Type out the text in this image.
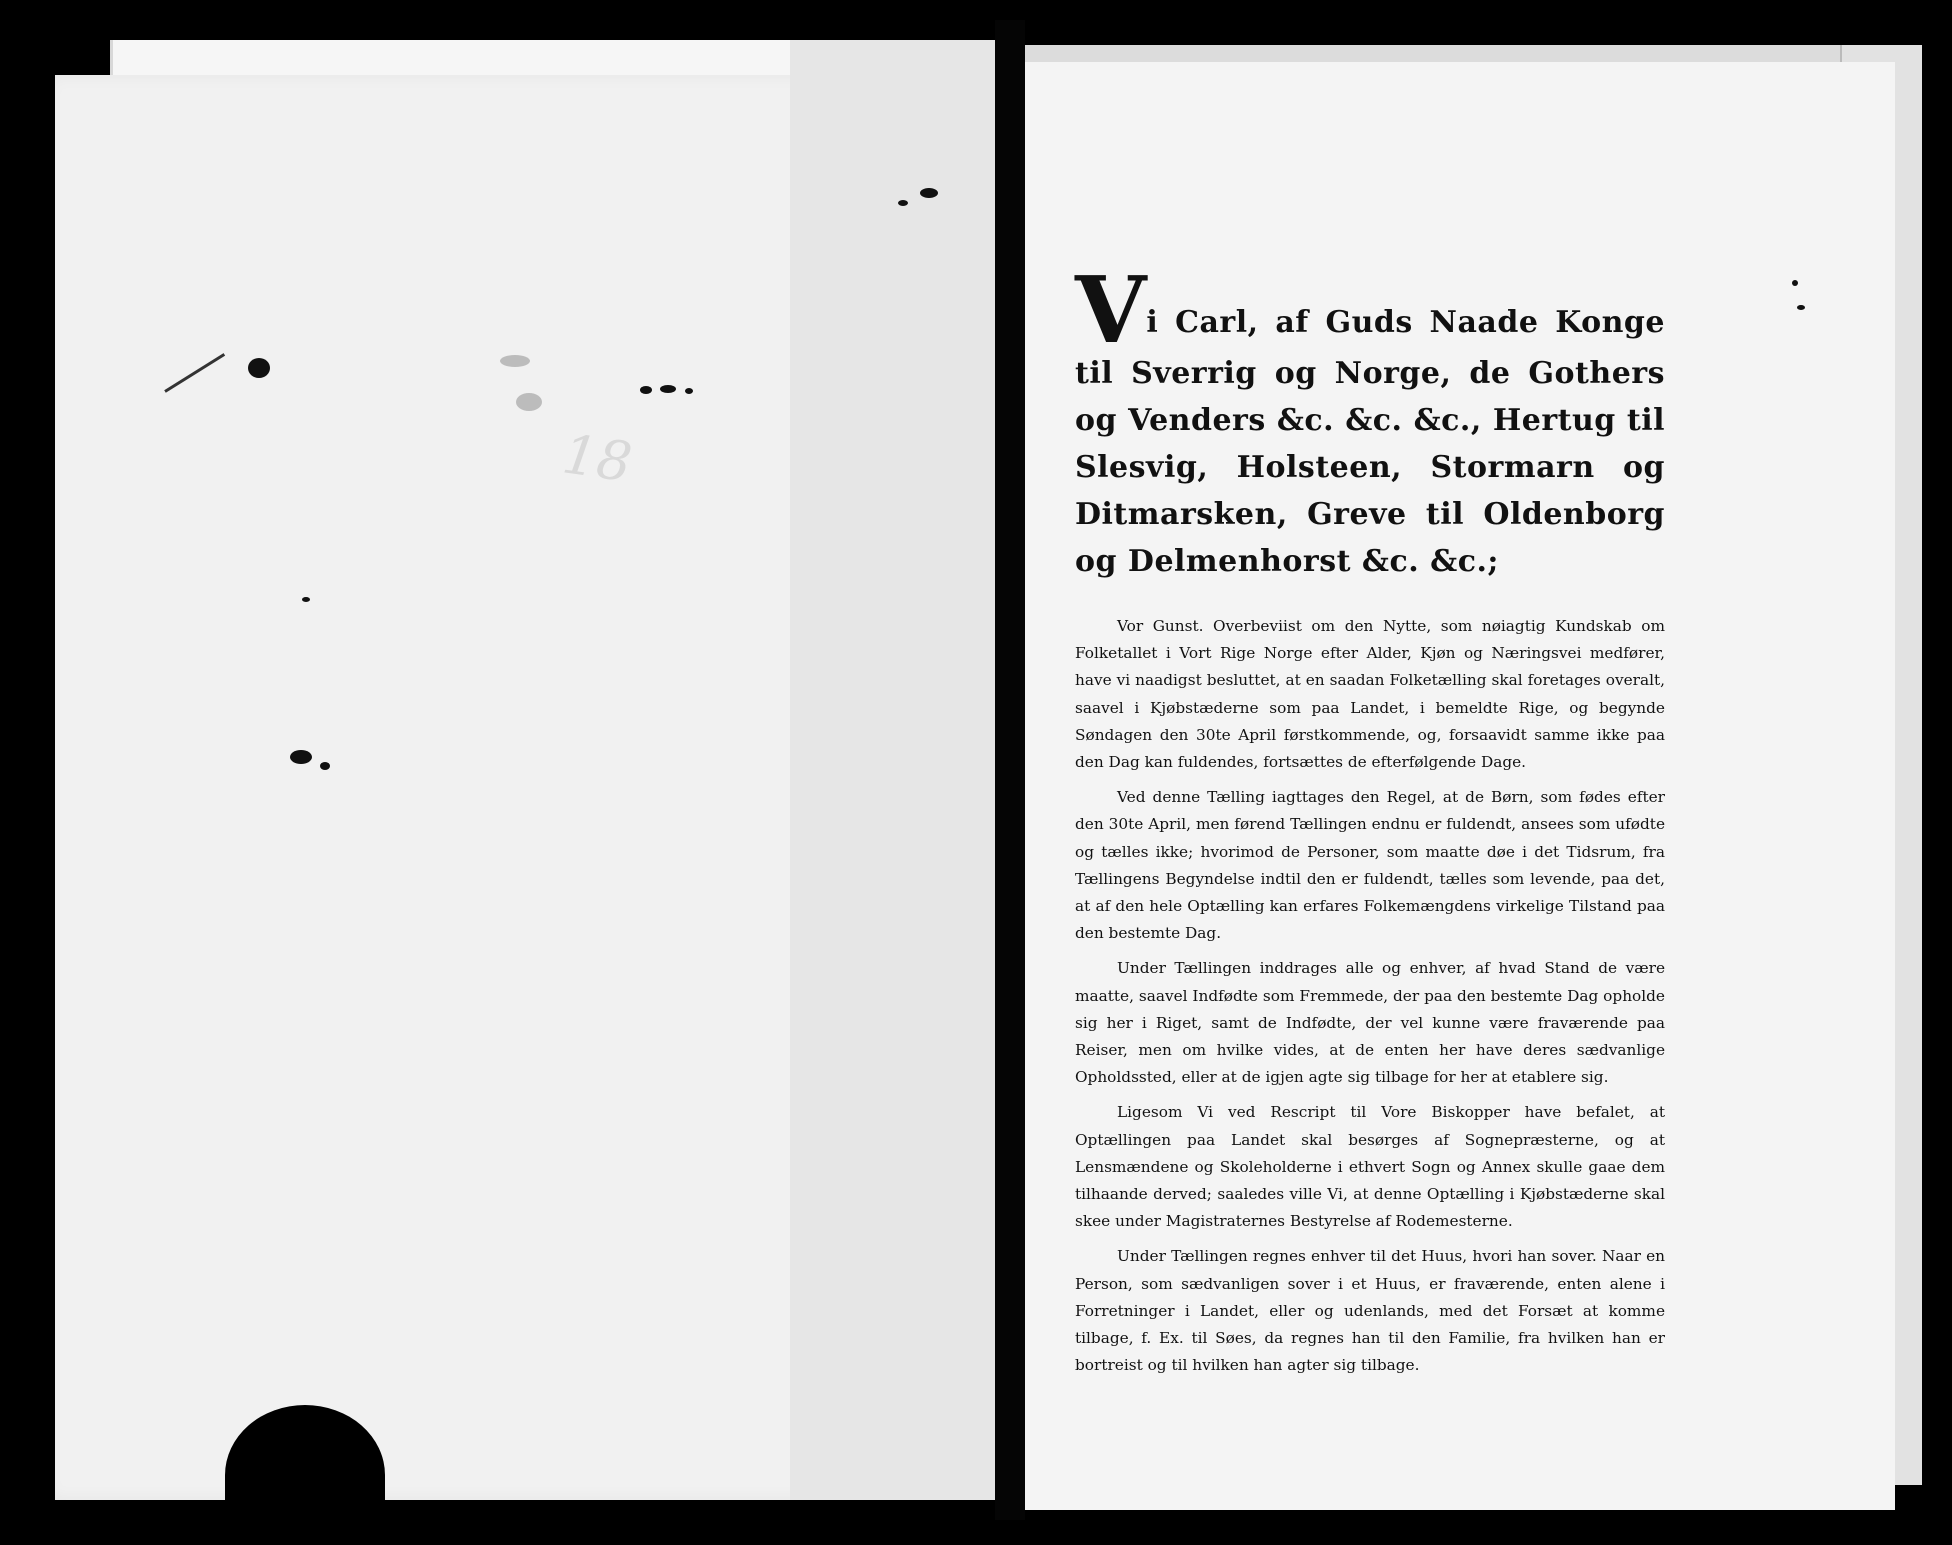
18

Vi Carl, af Guds Naade Konge til Sverrig og Norge, de Gothers og Venders &c. &c. &c., Hertug til Slesvig, Holsteen, Stormarn og Ditmarsken, Greve til Oldenborg og Delmenhorst &c. &c.;

Vor Gunst. Overbeviist om den Nytte, som nøiagtig Kundskab om Folketallet i Vort Rige Norge efter Alder, Kjøn og Næringsvei medfører, have vi naadigst besluttet, at en saadan Folketælling skal foretages overalt, saavel i Kjøbstæderne som paa Landet, i bemeldte Rige, og begynde Søndagen den 30te April førstkommende, og, forsaavidt samme ikke paa den Dag kan fuldendes, fortsættes de efterfølgende Dage.

Ved denne Tælling iagttages den Regel, at de Børn, som fødes efter den 30te April, men førend Tællingen endnu er fuldendt, ansees som ufødte og tælles ikke; hvorimod de Personer, som maatte døe i det Tidsrum, fra Tællingens Begyndelse indtil den er fuldendt, tælles som levende, paa det, at af den hele Optælling kan erfares Folkemængdens virkelige Tilstand paa den bestemte Dag.

Under Tællingen inddrages alle og enhver, af hvad Stand de være maatte, saavel Indfødte som Fremmede, der paa den bestemte Dag opholde sig her i Riget, samt de Indfødte, der vel kunne være fraværende paa Reiser, men om hvilke vides, at de enten her have deres sædvanlige Opholdssted, eller at de igjen agte sig tilbage for her at etablere sig.

Ligesom Vi ved Rescript til Vore Biskopper have befalet, at Optællingen paa Landet skal besørges af Sognepræsterne, og at Lensmændene og Skoleholderne i ethvert Sogn og Annex skulle gaae dem tilhaande derved; saaledes ville Vi, at denne Optælling i Kjøbstæderne skal skee under Magistraternes Bestyrelse af Rodemesterne.

Under Tællingen regnes enhver til det Huus, hvori han sover. Naar en Person, som sædvanligen sover i et Huus, er fraværende, enten alene i Forretninger i Landet, eller og udenlands, med det Forsæt at komme tilbage, f. Ex. til Søes, da regnes han til den Familie, fra hvilken han er bortreist og til hvilken han agter sig tilbage.
